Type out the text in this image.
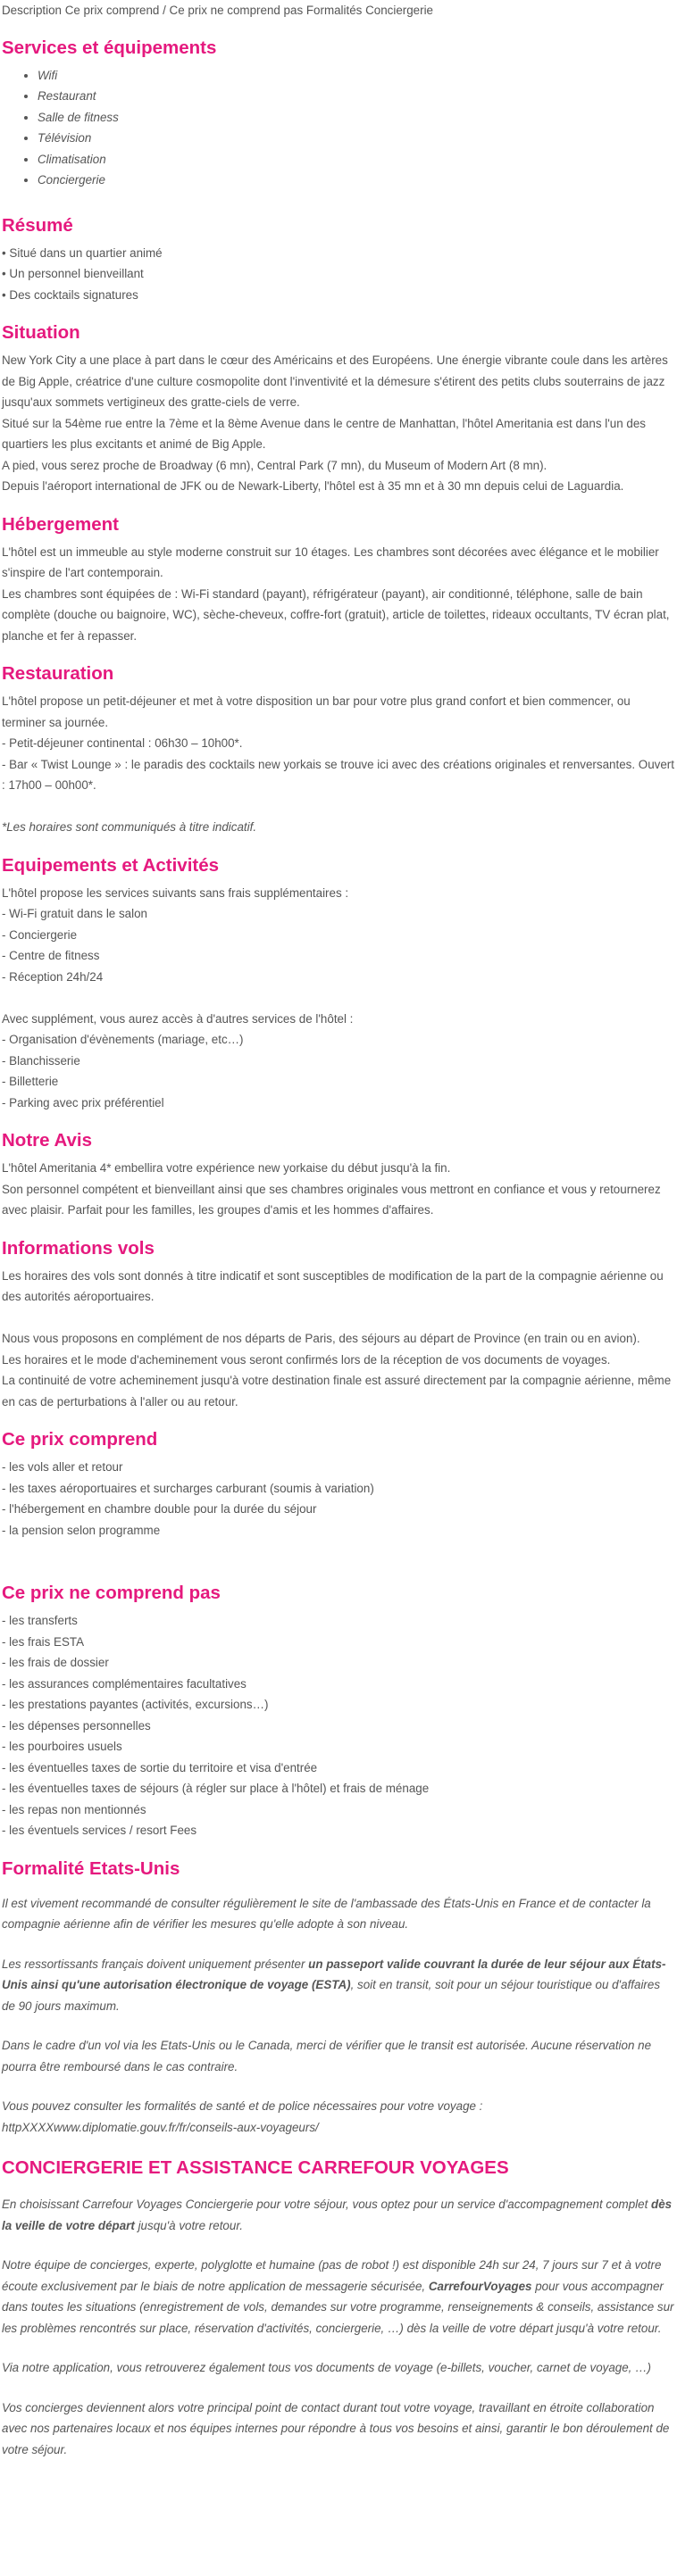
Description Ce prix comprend / Ce prix ne comprend pas Formalités Conciergerie
Services et équipements
• Wifi
• Restaurant
• Salle de fitness
• Télévision
• Climatisation
• Conciergerie
Résumé
• Situé dans un quartier animé
• Un personnel bienveillant
• Des cocktails signatures
Situation
New York City a une place à part dans le cœur des Américains et des Européens. Une énergie vibrante coule dans les artères de Big Apple, créatrice d'une culture cosmopolite dont l'inventivité et la démesure s'étirent des petits clubs souterrains de jazz jusqu'aux sommets vertigineux des gratte-ciels de verre.
Situé sur la 54ème rue entre la 7ème et la 8ème Avenue dans le centre de Manhattan, l'hôtel Ameritania est dans l'un des quartiers les plus excitants et animé de Big Apple.
A pied, vous serez proche de Broadway (6 mn), Central Park (7 mn), du Museum of Modern Art (8 mn).
Depuis l'aéroport international de JFK ou de Newark-Liberty, l'hôtel est à 35 mn et à 30 mn depuis celui de Laguardia.
Hébergement
L'hôtel est un immeuble au style moderne construit sur 10 étages. Les chambres sont décorées avec élégance et le mobilier s'inspire de l'art contemporain.
Les chambres sont équipées de : Wi-Fi standard (payant), réfrigérateur (payant), air conditionné, téléphone, salle de bain complète (douche ou baignoire, WC), sèche-cheveux, coffre-fort (gratuit), article de toilettes, rideaux occultants, TV écran plat, planche et fer à repasser.
Restauration
L'hôtel propose un petit-déjeuner et met à votre disposition un bar pour votre plus grand confort et bien commencer, ou terminer sa journée.
- Petit-déjeuner continental : 06h30 – 10h00*.
- Bar « Twist Lounge » : le paradis des cocktails new yorkais se trouve ici avec des créations originales et renversantes. Ouvert : 17h00 – 00h00*.
*Les horaires sont communiqués à titre indicatif.
Equipements et Activités
L'hôtel propose les services suivants sans frais supplémentaires :
- Wi-Fi gratuit dans le salon
- Conciergerie
- Centre de fitness
- Réception 24h/24
Avec supplément, vous aurez accès à d'autres services de l'hôtel :
- Organisation d'évènements (mariage, etc…)
- Blanchisserie
- Billetterie
- Parking avec prix préférentiel
Notre Avis
L'hôtel Ameritania 4* embellira votre expérience new yorkaise du début jusqu'à la fin.
Son personnel compétent et bienveillant ainsi que ses chambres originales vous mettront en confiance et vous y retournerez avec plaisir. Parfait pour les familles, les groupes d'amis et les hommes d'affaires.
Informations vols
Les horaires des vols sont donnés à titre indicatif et sont susceptibles de modification de la part de la compagnie aérienne ou des autorités aéroportuaires.
Nous vous proposons en complément de nos départs de Paris, des séjours au départ de Province (en train ou en avion).
Les horaires et le mode d'acheminement vous seront confirmés lors de la réception de vos documents de voyages.
La continuité de votre acheminement jusqu'à votre destination finale est assuré directement par la compagnie aérienne, même en cas de perturbations à l'aller ou au retour.
Ce prix comprend
- les vols aller et retour
- les taxes aéroportuaires et surcharges carburant (soumis à variation)
- l'hébergement en chambre double pour la durée du séjour
- la pension selon programme
Ce prix ne comprend pas
- les transferts
- les frais ESTA
- les frais de dossier
- les assurances complémentaires facultatives
- les prestations payantes (activités, excursions…)
- les dépenses personnelles
- les pourboires usuels
- les éventuelles taxes de sortie du territoire et visa d'entrée
- les éventuelles taxes de séjours (à régler sur place à l'hôtel) et frais de ménage
- les repas non mentionnés
- les éventuels services / resort Fees
Formalité Etats-Unis

Il est vivement recommandé de consulter régulièrement le site de l'ambassade des États-Unis en France et de contacter la compagnie aérienne afin de vérifier les mesures qu'elle adopte à son niveau.

Les ressortissants français doivent uniquement présenter un passeport valide couvrant la durée de leur séjour aux États-Unis ainsi qu'une autorisation électronique de voyage (ESTA), soit en transit, soit pour un séjour touristique ou d'affaires de 90 jours maximum.

Dans le cadre d'un vol via les Etats-Unis ou le Canada, merci de vérifier que le transit est autorisée. Aucune réservation ne pourra être remboursé dans le cas contraire.

Vous pouvez consulter les formalités de santé et de police nécessaires pour votre voyage :
httpXXXXwww.diplomatie.gouv.fr/fr/conseils-aux-voyageurs/

CONCIERGERIE ET ASSISTANCE CARREFOUR VOYAGES

En choisissant Carrefour Voyages Conciergerie pour votre séjour, vous optez pour un service d'accompagnement complet dès la veille de votre départ jusqu'à votre retour.

Notre équipe de concierges, experte, polyglotte et humaine (pas de robot !) est disponible 24h sur 24, 7 jours sur 7 et à votre écoute exclusivement par le biais de notre application de messagerie sécurisée, CarrefourVoyages pour vous accompagner dans toutes les situations (enregistrement de vols, demandes sur votre programme, renseignements & conseils, assistance sur les problèmes rencontrés sur place, réservation d'activités, conciergerie, …) dès la veille de votre départ jusqu'à votre retour.

Via notre application, vous retrouverez également tous vos documents de voyage (e-billets, voucher, carnet de voyage, …)

Vos concierges deviennent alors votre principal point de contact durant tout votre voyage, travaillant en étroite collaboration avec nos partenaires locaux et nos équipes internes pour répondre à tous vos besoins et ainsi, garantir le bon déroulement de votre séjour.
